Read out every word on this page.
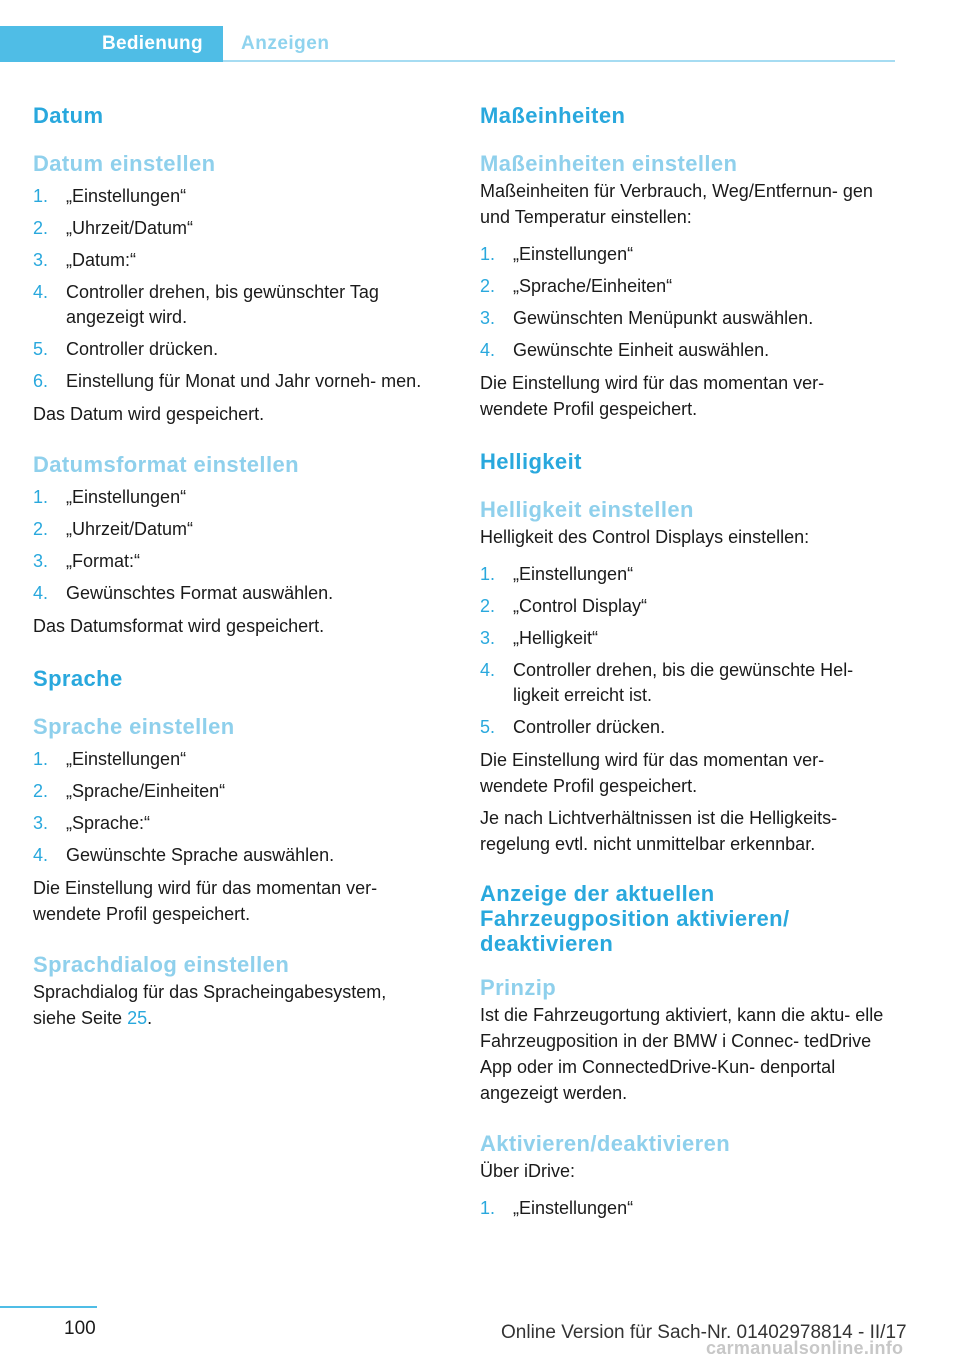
Bedienung	Anzeigen
Datum
Datum einstellen
1. „Einstellungen“
2. „Uhrzeit/Datum“
3. „Datum:“
4. Controller drehen, bis gewünschter Tag angezeigt wird.
5. Controller drücken.
6. Einstellung für Monat und Jahr vorneh‐ men.

Das Datum wird gespeichert.

Datumsformat einstellen
1. „Einstellungen“
2. „Uhrzeit/Datum“
3. „Format:“
4. Gewünschtes Format auswählen.

Das Datumsformat wird gespeichert.

Sprache
Sprache einstellen
1. „Einstellungen“
2. „Sprache/Einheiten“
3. „Sprache:“
4. Gewünschte Sprache auswählen.

Die Einstellung wird für das momentan ver‐ wendete Profil gespeichert.

Sprachdialog einstellen

Sprachdialog für das Spracheingabesystem, siehe Seite 25.

Maßeinheiten
Maßeinheiten einstellen

Maßeinheiten für Verbrauch, Weg/Entfernun‐ gen und Temperatur einstellen:

1. „Einstellungen“
2. „Sprache/Einheiten“
3. Gewünschten Menüpunkt auswählen.
4. Gewünschte Einheit auswählen.

Die Einstellung wird für das momentan ver‐ wendete Profil gespeichert.

Helligkeit
Helligkeit einstellen

Helligkeit des Control Displays einstellen:

1. „Einstellungen“
2. „Control Display“
3. „Helligkeit“
4. Controller drehen, bis die gewünschte Hel‐ ligkeit erreicht ist.
5. Controller drücken.

Die Einstellung wird für das momentan ver‐ wendete Profil gespeichert.

Je nach Lichtverhältnissen ist die Helligkeits‐ regelung evtl. nicht unmittelbar erkennbar.

Anzeige der aktuellen Fahrzeugposition aktivieren/ deaktivieren
Prinzip

Ist die Fahrzeugortung aktiviert, kann die aktu‐ elle Fahrzeugposition in der BMW i Connec‐ tedDrive App oder im ConnectedDrive-Kun‐ denportal angezeigt werden.

Aktivieren/deaktivieren

Über iDrive:

1. „Einstellungen“
100	Online Version für Sach-Nr. 01402978814 - II/17
carmanualsonline.info
